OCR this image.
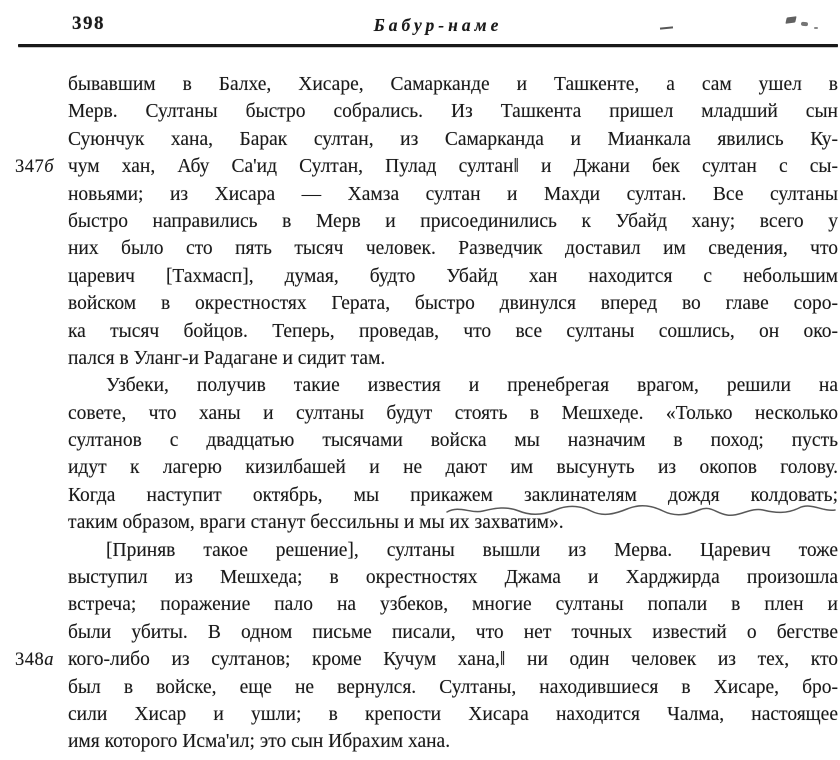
398	Бабур-наме
бывавшим в Балхе, Хисаре, Самарканде и Ташкенте, а сам ушел в
Мерв. Султаны быстро собрались. Из Ташкента пришел младший сын
Суюнчук хана, Барак султан, из Самарканда и Мианкала явились Ку-
347б чум хан, Абу Са'ид Султан, Пулад султан‖ и Джани бек султан с сы-
новьями; из Хисара — Хамза султан и Махди султан. Все султаны
быстро направились в Мерв и присоединились к Убайд хану; всего у
них было сто пять тысяч человек. Разведчик доставил им сведения, что
царевич [Тахмасп], думая, будто Убайд хан находится с небольшим
войском в окрестностях Герата, быстро двинулся вперед во главе соро-
ка тысяч бойцов. Теперь, проведав, что все султаны сошлись, он око-
пался в Уланг-и Радагане и сидит там.
Узбеки, получив такие известия и пренебрегая врагом, решили на
совете, что ханы и султаны будут стоять в Мешхеде. «Только несколько
султанов с двадцатью тысячами войска мы назначим в поход; пусть
идут к лагерю кизилбашей и не дают им высунуть из окопов голову.
Когда наступит октябрь, мы прикажем заклинателям дождя колдовать;
таким образом, враги станут бессильны и мы их захватим».
[Приняв такое решение], султаны вышли из Мерва. Царевич тоже
выступил из Мешхеда; в окрестностях Джама и Харджирда произошла
встреча; поражение пало на узбеков, многие султаны попали в плен и
были убиты. В одном письме писали, что нет точных известий о бегстве
348а кого-либо из султанов; кроме Кучум хана,‖ ни один человек из тех, кто
был в войске, еще не вернулся. Султаны, находившиеся в Хисаре, бро-
сили Хисар и ушли; в крепости Хисара находится Чалма, настоящее
имя которого Исма'ил; это сын Ибрахим хана.
